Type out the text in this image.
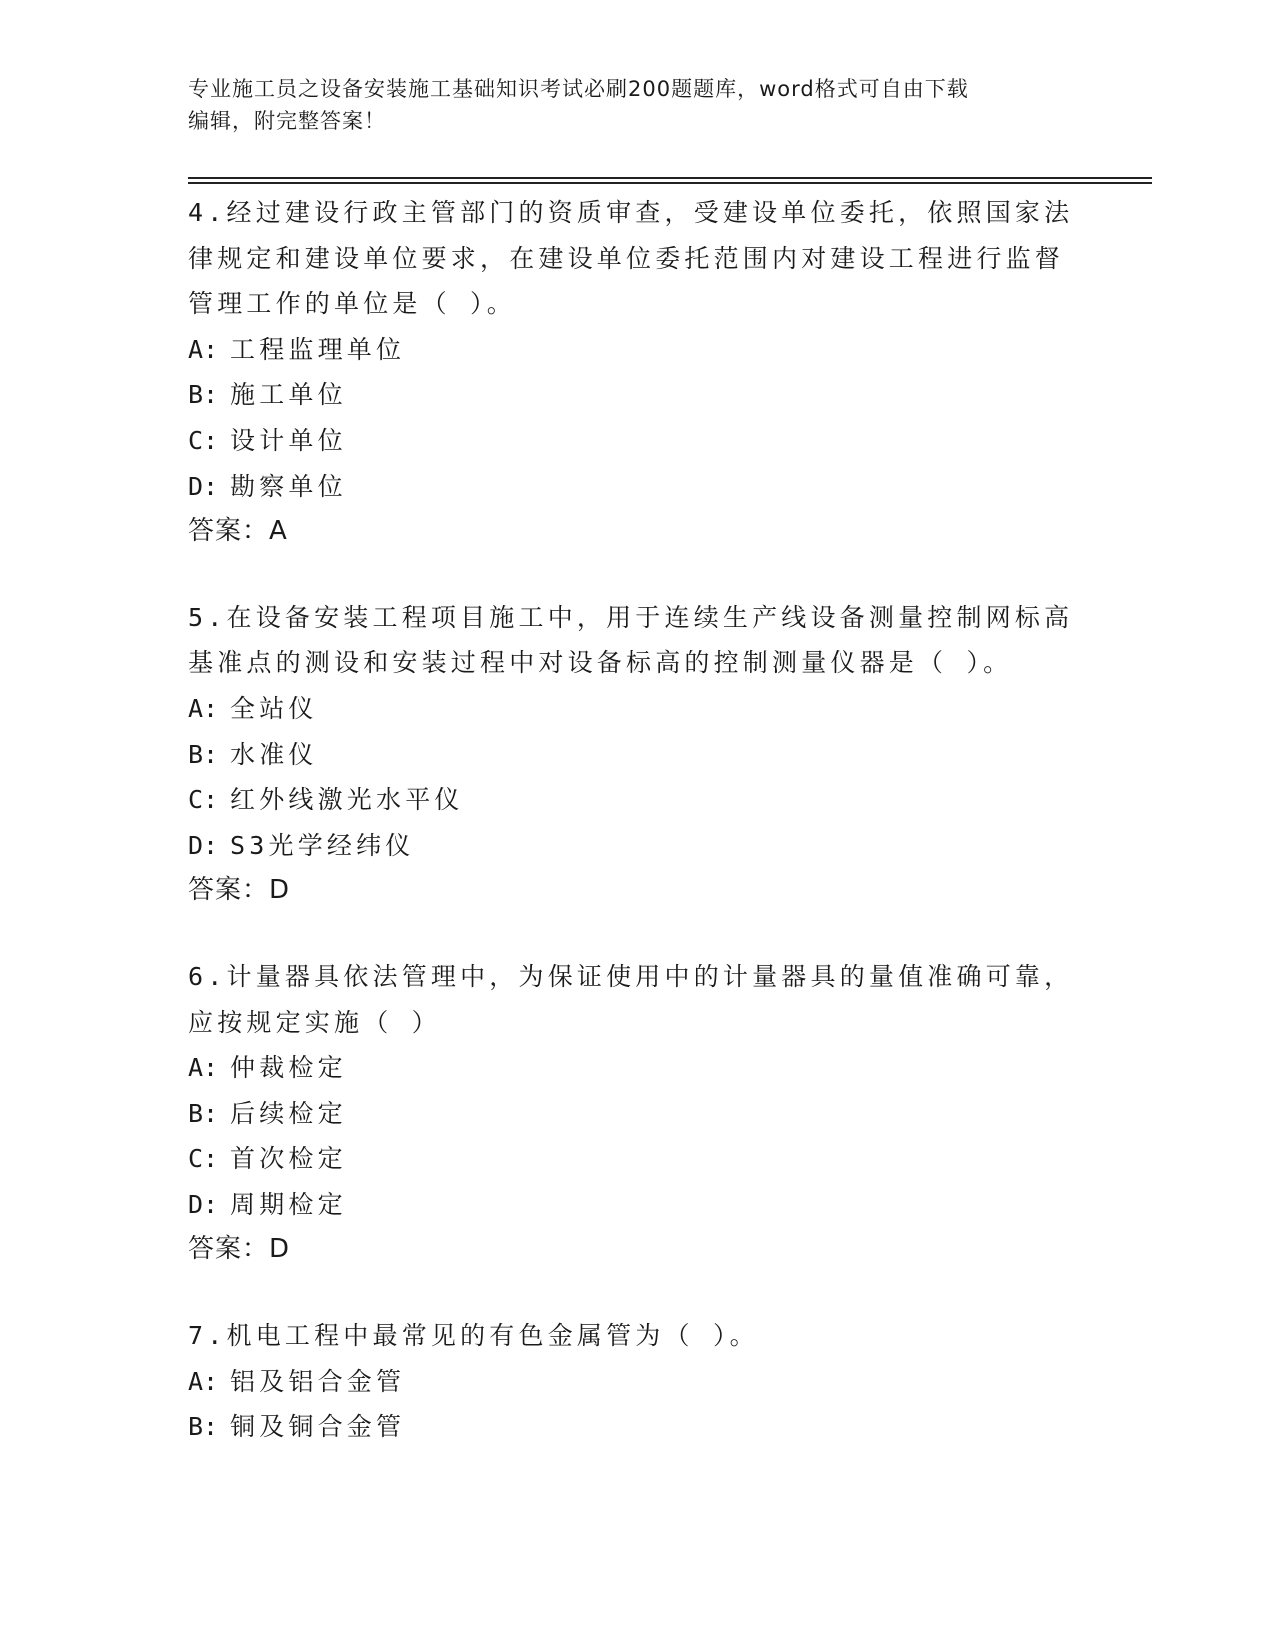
专业施工员之设备安装施工基础知识考试必刷200题题库，word格式可自由下载
编辑，附完整答案！
4.经过建设行政主管部门的资质审查，受建设单位委托，依照国家法律规定和建设单位要求，在建设单位委托范围内对建设工程进行监督管理工作的单位是（ ）。
A: 工程监理单位
B: 施工单位
C: 设计单位
D: 勘察单位
答案：A
5.在设备安装工程项目施工中，用于连续生产线设备测量控制网标高基准点的测设和安装过程中对设备标高的控制测量仪器是（ ）。
A: 全站仪
B: 水准仪
C: 红外线激光水平仪
D: S3光学经纬仪
答案：D
6.计量器具依法管理中，为保证使用中的计量器具的量值准确可靠，应按规定实施（ ）
A: 仲裁检定
B: 后续检定
C: 首次检定
D: 周期检定
答案：D
7.机电工程中最常见的有色金属管为（ ）。
A: 铝及铝合金管
B: 铜及铜合金管
